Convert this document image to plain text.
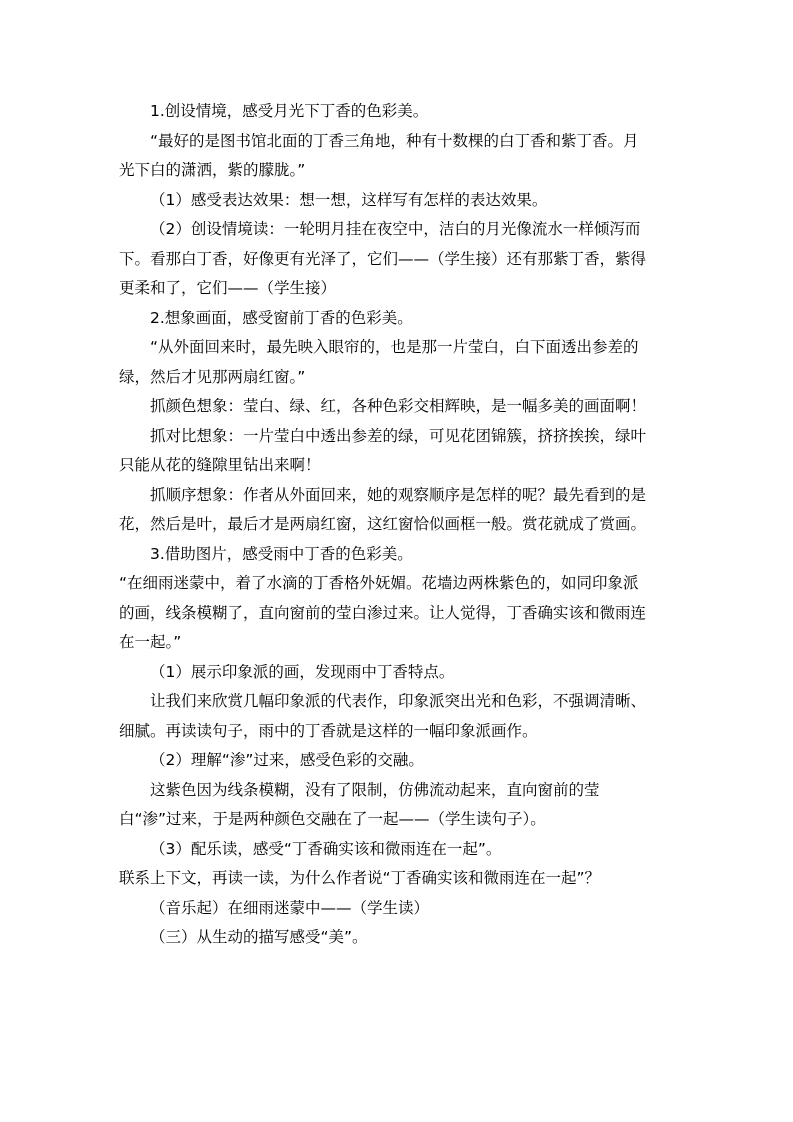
1.创设情境，感受月光下丁香的色彩美。

“最好的是图书馆北面的丁香三角地，种有十数棵的白丁香和紫丁香。月光下白的潇洒，紫的朦胧。”

（1）感受表达效果：想一想，这样写有怎样的表达效果。

（2）创设情境读：一轮明月挂在夜空中，洁白的月光像流水一样倾泻而下。看那白丁香，好像更有光泽了，它们——（学生接）还有那紫丁香，紫得更柔和了，它们——（学生接）

2.想象画面，感受窗前丁香的色彩美。

“从外面回来时，最先映入眼帘的，也是那一片莹白，白下面透出参差的绿，然后才见那两扇红窗。”

抓颜色想象：莹白、绿、红，各种色彩交相辉映，是一幅多美的画面啊！

抓对比想象：一片莹白中透出参差的绿，可见花团锦簇，挤挤挨挨，绿叶只能从花的缝隙里钻出来啊！

抓顺序想象：作者从外面回来，她的观察顺序是怎样的呢？最先看到的是花，然后是叶，最后才是两扇红窗，这红窗恰似画框一般。赏花就成了赏画。

3.借助图片，感受雨中丁香的色彩美。

“在细雨迷蒙中，着了水滴的丁香格外妩媚。花墙边两株紫色的，如同印象派的画，线条模糊了，直向窗前的莹白渗过来。让人觉得，丁香确实该和微雨连在一起。”

（1）展示印象派的画，发现雨中丁香特点。

让我们来欣赏几幅印象派的代表作，印象派突出光和色彩，不强调清晰、细腻。再读读句子，雨中的丁香就是这样的一幅印象派画作。

（2）理解“渗”过来，感受色彩的交融。

这紫色因为线条模糊，没有了限制，仿佛流动起来，直向窗前的莹白“渗”过来，于是两种颜色交融在了一起——（学生读句子）。

（3）配乐读，感受“丁香确实该和微雨连在一起”。

联系上下文，再读一读，为什么作者说“丁香确实该和微雨连在一起”？

（音乐起）在细雨迷蒙中——（学生读）

（三）从生动的描写感受“美”。
